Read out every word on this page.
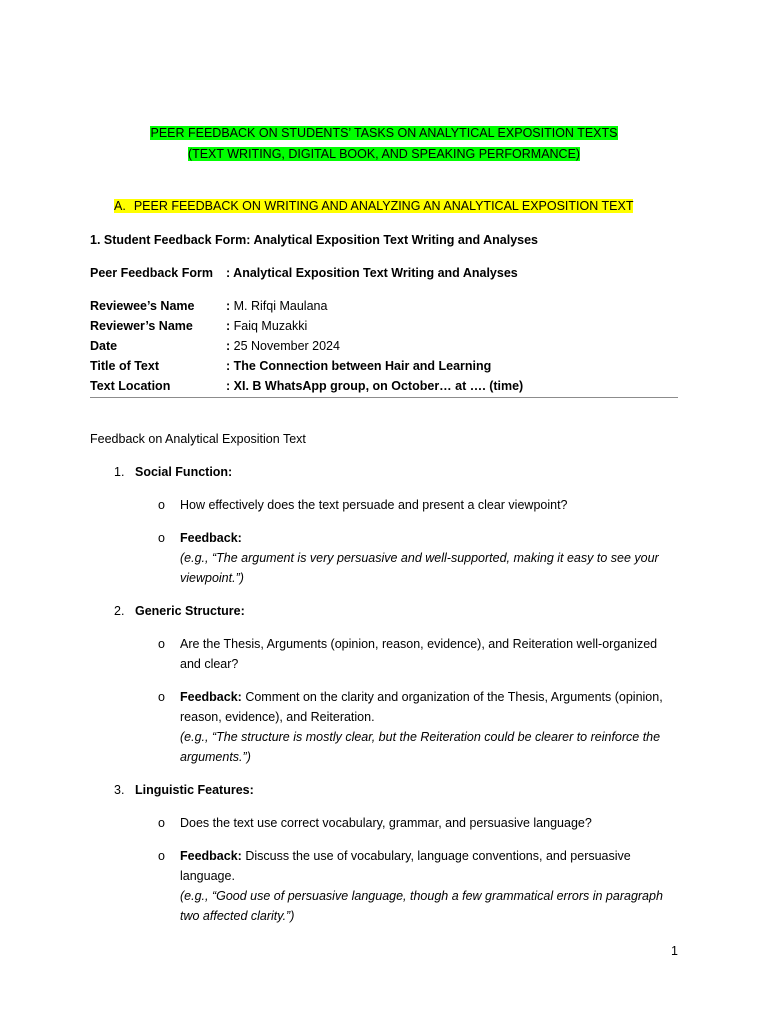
PEER FEEDBACK ON STUDENTS’ TASKS ON ANALYTICAL EXPOSITION TEXTS
(TEXT WRITING, DIGITAL BOOK, AND SPEAKING PERFORMANCE)
A. PEER FEEDBACK ON WRITING AND ANALYZING AN ANALYTICAL EXPOSITION TEXT
1. Student Feedback Form: Analytical Exposition Text Writing and Analyses
Peer Feedback Form : Analytical Exposition Text Writing and Analyses
Reviewee’s Name	: M. Rifqi Maulana
Reviewer’s Name	: Faiq Muzakki
Date	: 25 November 2024
Title of Text	: The Connection between Hair and Learning
Text Location	: XI. B WhatsApp group, on October… at …. (time)
Feedback on Analytical Exposition Text
1. Social Function:
o How effectively does the text persuade and present a clear viewpoint?
o Feedback:
(e.g., “The argument is very persuasive and well-supported, making it easy to see your
viewpoint.”)
2. Generic Structure:
o Are the Thesis, Arguments (opinion, reason, evidence), and Reiteration well-organized
and clear?
o Feedback: Comment on the clarity and organization of the Thesis, Arguments (opinion,
reason, evidence), and Reiteration.
(e.g., “The structure is mostly clear, but the Reiteration could be clearer to reinforce the
arguments.”)
3. Linguistic Features:
o Does the text use correct vocabulary, grammar, and persuasive language?
o Feedback: Discuss the use of vocabulary, language conventions, and persuasive
language.
(e.g., “Good use of persuasive language, though a few grammatical errors in paragraph
two affected clarity.”)
1
